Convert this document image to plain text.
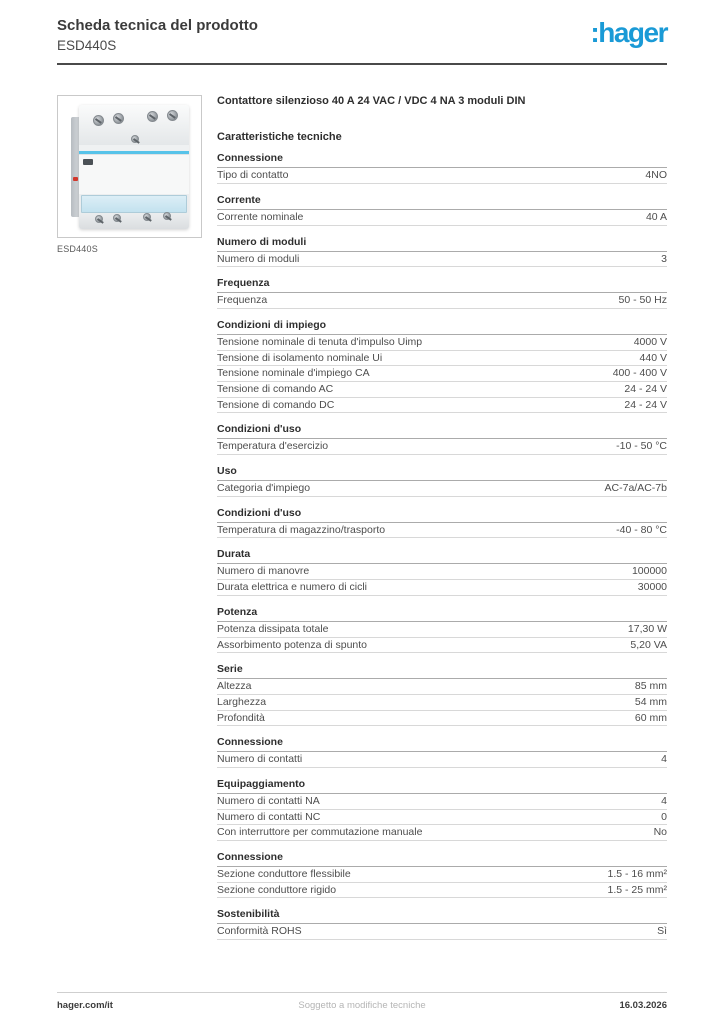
Scheda tecnica del prodotto
ESD440S	:hager
ESD440S
Contattore silenzioso 40 A 24 VAC / VDC 4 NA 3 moduli DIN
Caratteristiche tecniche
Connessione
Tipo di contatto	4NO
Corrente
Corrente nominale	40 A
Numero di moduli
Numero di moduli	3
Frequenza
Frequenza	50 - 50 Hz
Condizioni di impiego
Tensione nominale di tenuta d'impulso Uimp	4000 V
Tensione di isolamento nominale Ui	440 V
Tensione nominale d'impiego CA	400 - 400 V
Tensione di comando AC	24 - 24 V
Tensione di comando DC	24 - 24 V
Condizioni d'uso
Temperatura d'esercizio	-10 - 50 °C
Uso
Categoria d'impiego	AC-7a/AC-7b
Condizioni d'uso
Temperatura di magazzino/trasporto	-40 - 80 °C
Durata
Numero di manovre	100000
Durata elettrica e numero di cicli	30000
Potenza
Potenza dissipata totale	17,30 W
Assorbimento potenza di spunto	5,20 VA
Serie
Altezza	85 mm
Larghezza	54 mm
Profondità	60 mm
Connessione
Numero di contatti	4
Equipaggiamento
Numero di contatti NA	4
Numero di contatti NC	0
Con interruttore per commutazione manuale	No
Connessione
Sezione conduttore flessibile	1.5 - 16 mm²
Sezione conduttore rigido	1.5 - 25 mm²
Sostenibilità
Conformità ROHS	Sì
hager.com/it	Soggetto a modifiche tecniche	16.03.2026
